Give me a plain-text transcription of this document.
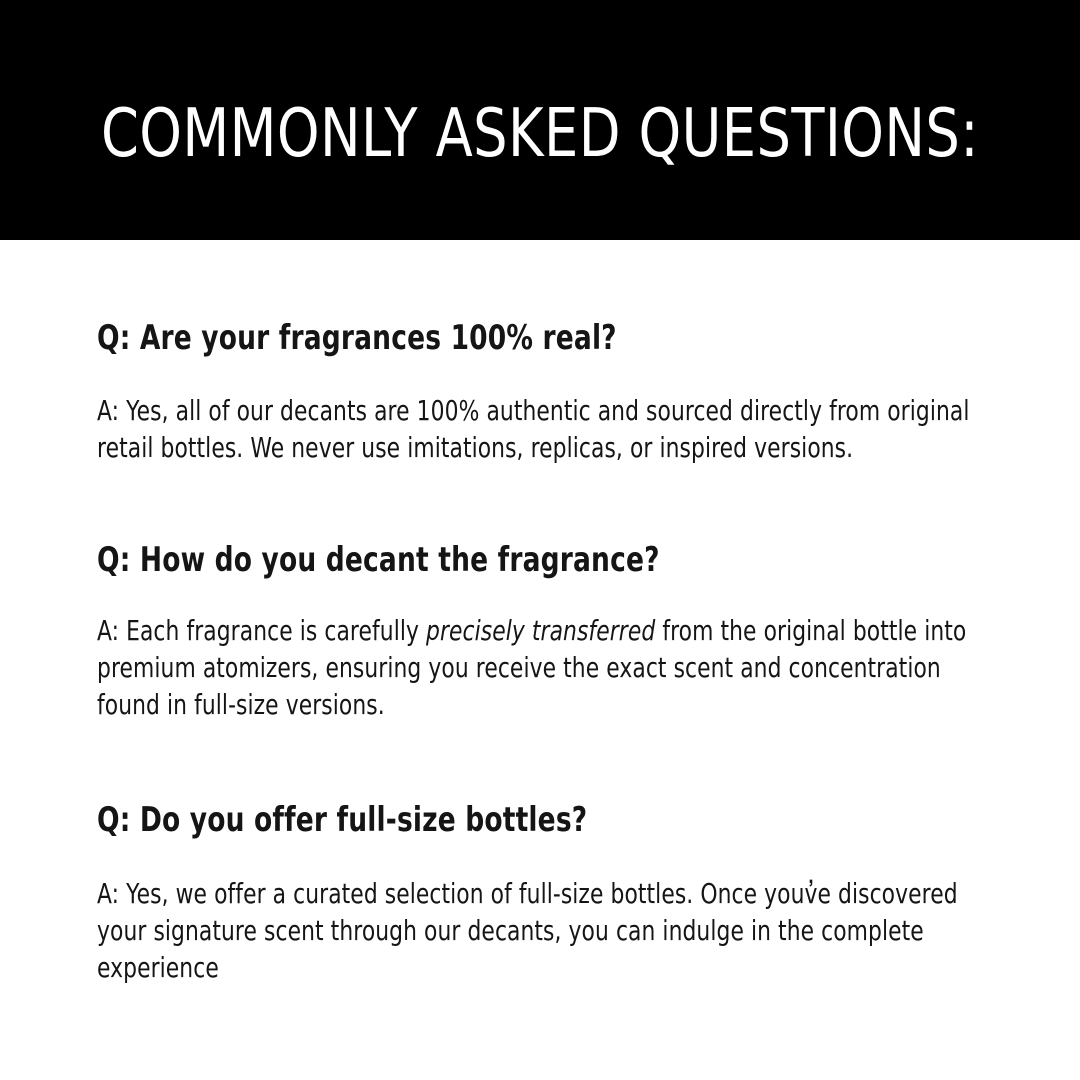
COMMONLY ASKED QUESTIONS:
Q: Are your fragrances 100% real?
A: Yes, all of our decants are 100% authentic and sourced directly from original
retail bottles. We never use imitations, replicas, or inspired versions.
Q: How do you decant the fragrance?
A: Each fragrance is carefully precisely transferred from the original bottle into
premium atomizers, ensuring you receive the exact scent and concentration
found in full-size versions.
Q: Do you offer full-size bottles?
A: Yes, we offer a curated selection of full-size bottles. Once youv̓e discovered
your signature scent through our decants, you can indulge in the complete
experience
